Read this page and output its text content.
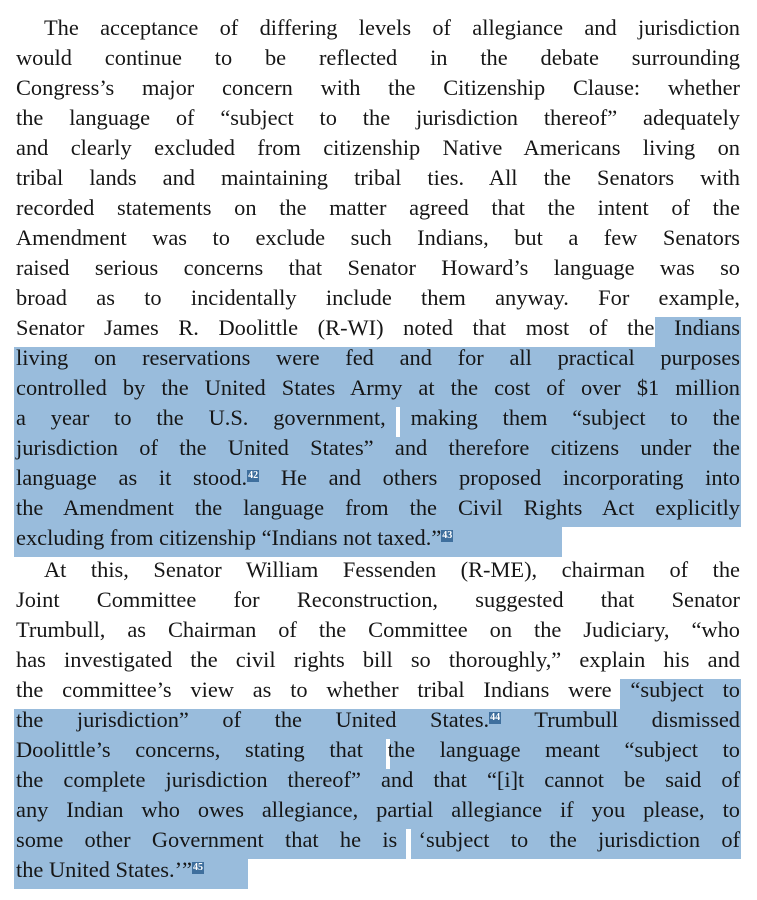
The acceptance of differing levels of allegiance and jurisdiction
would continue to be reflected in the debate surrounding
Congress’s major concern with the Citizenship Clause: whether
the language of “subject to the jurisdiction thereof” adequately
and clearly excluded from citizenship Native Americans living on
tribal lands and maintaining tribal ties. All the Senators with
recorded statements on the matter agreed that the intent of the
Amendment was to exclude such Indians, but a few Senators
raised serious concerns that Senator Howard’s language was so
broad as to incidentally include them anyway. For example,
Senator James R. Doolittle (R-WI) noted that most of the Indians
living on reservations were fed and for all practical purposes
controlled by the United States Army at the cost of over $1 million
a year to the U.S. government, making them “subject to the
jurisdiction of the United States” and therefore citizens under the
language as it stood.42 He and others proposed incorporating into
the Amendment the language from the Civil Rights Act explicitly
excluding from citizenship “Indians not taxed.”43
At this, Senator William Fessenden (R-ME), chairman of the
Joint Committee for Reconstruction, suggested that Senator
Trumbull, as Chairman of the Committee on the Judiciary, “who
has investigated the civil rights bill so thoroughly,” explain his and
the committee’s view as to whether tribal Indians were “subject to
the jurisdiction” of the United States.44 Trumbull dismissed
Doolittle’s concerns, stating that the language meant “subject to
the complete jurisdiction thereof” and that “[i]t cannot be said of
any Indian who owes allegiance, partial allegiance if you please, to
some other Government that he is ‘subject to the jurisdiction of
the United States.’”45
